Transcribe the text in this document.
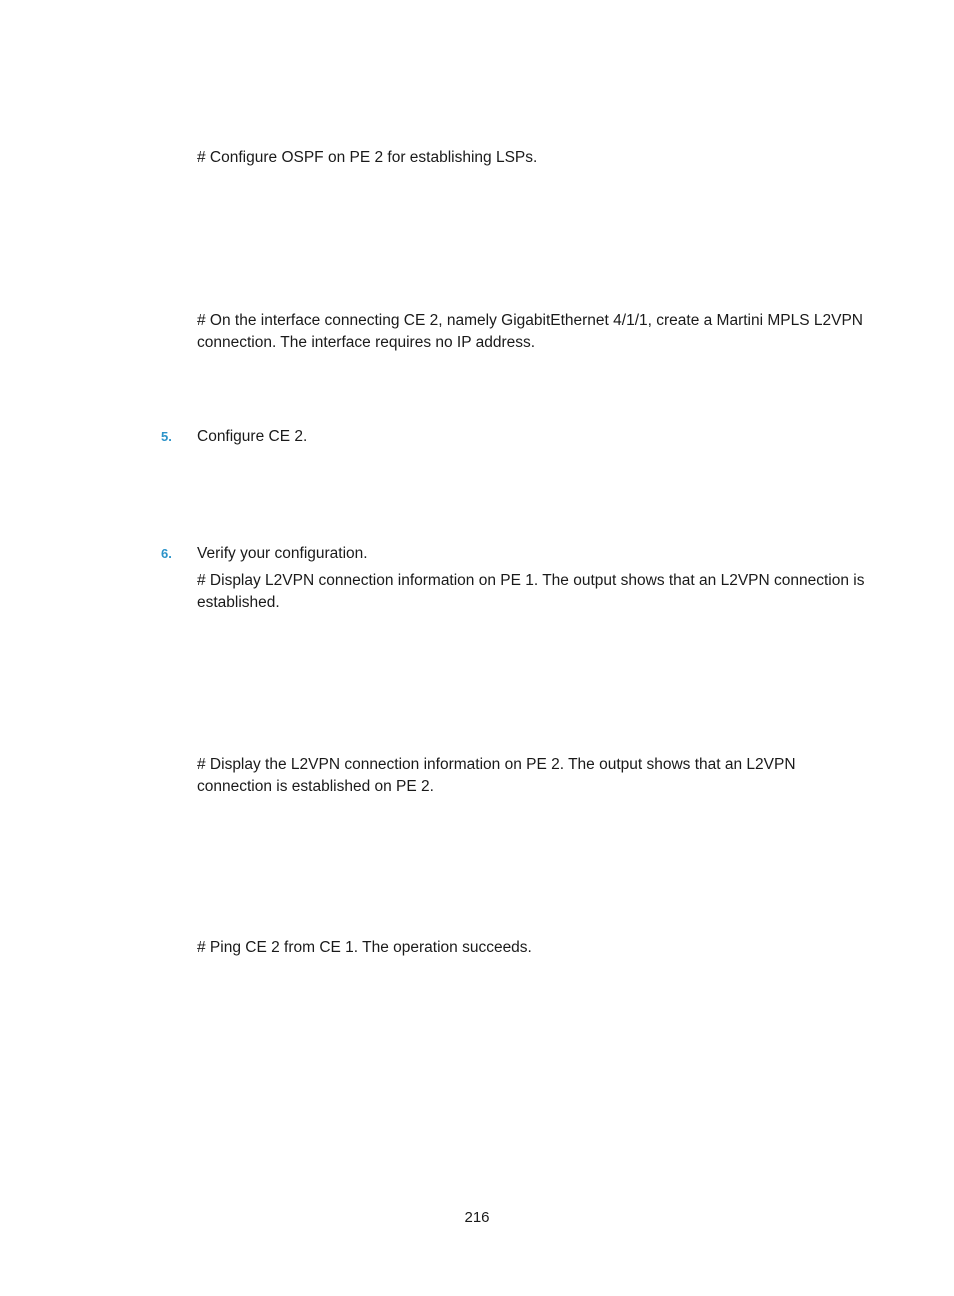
# Configure OSPF on PE 2 for establishing LSPs.

# On the interface connecting CE 2, namely GigabitEthernet 4/1/1, create a Martini MPLS L2VPN connection. The interface requires no IP address.

5. Configure CE 2.
6. Verify your configuration.

# Display L2VPN connection information on PE 1. The output shows that an L2VPN connection is established.

# Display the L2VPN connection information on PE 2. The output shows that an L2VPN connection is established on PE 2.

# Ping CE 2 from CE 1. The operation succeeds.

216
